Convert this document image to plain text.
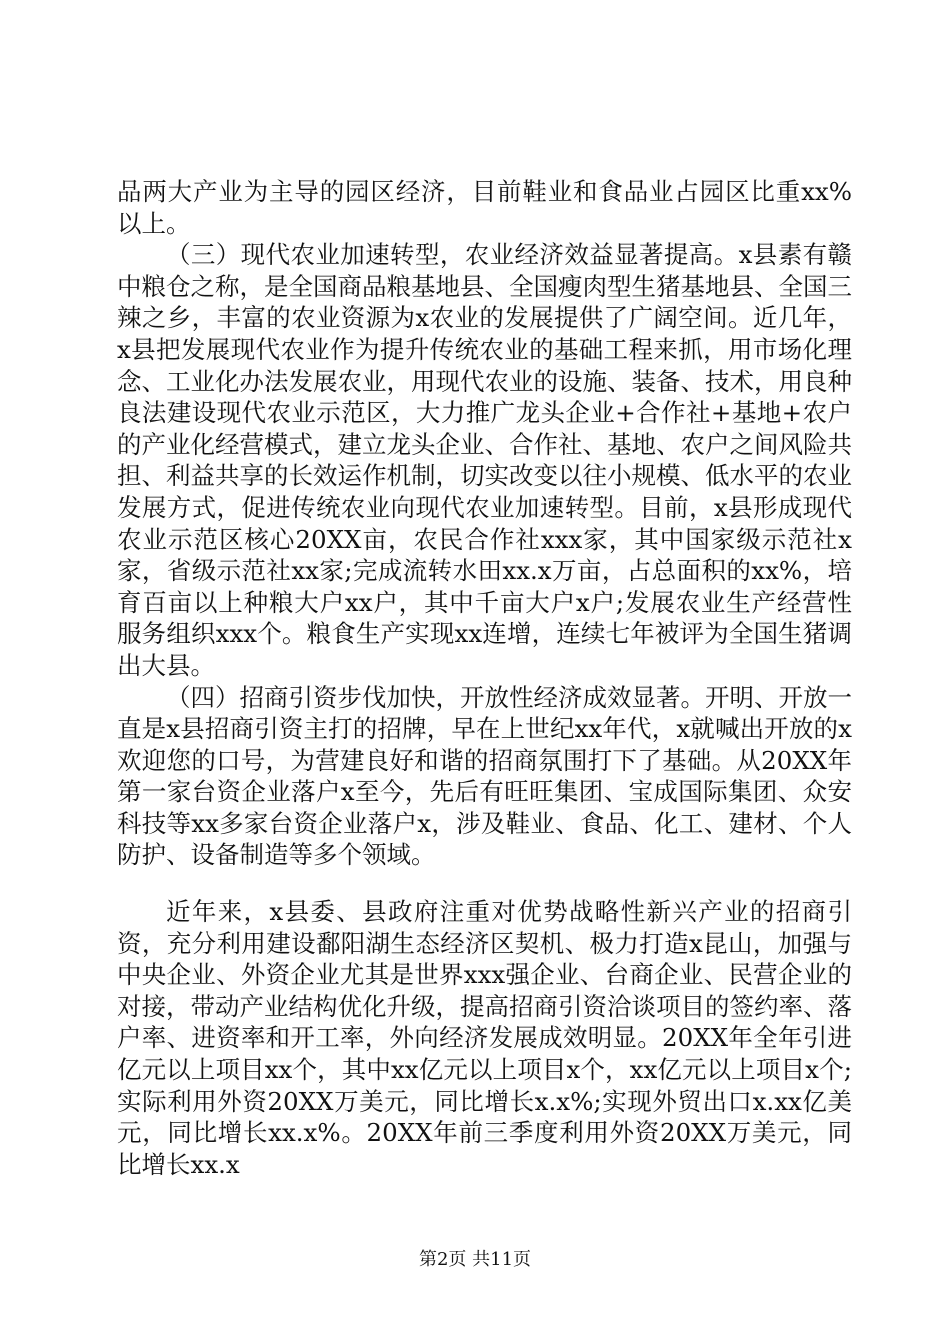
品两大产业为主导的园区经济，目前鞋业和食品业占园区比重xx%以上。

（三）现代农业加速转型，农业经济效益显著提高。x县素有赣中粮仓之称，是全国商品粮基地县、全国瘦肉型生猪基地县、全国三辣之乡，丰富的农业资源为x农业的发展提供了广阔空间。近几年，x县把发展现代农业作为提升传统农业的基础工程来抓，用市场化理念、工业化办法发展农业，用现代农业的设施、装备、技术，用良种良法建设现代农业示范区，大力推广龙头企业+合作社+基地+农户的产业化经营模式，建立龙头企业、合作社、基地、农户之间风险共担、利益共享的长效运作机制，切实改变以往小规模、低水平的农业发展方式，促进传统农业向现代农业加速转型。目前，x县形成现代农业示范区核心20XX亩，农民合作社xxx家，其中国家级示范社x家，省级示范社xx家;完成流转水田xx.x万亩，占总面积的xx%，培育百亩以上种粮大户xx户，其中千亩大户x户;发展农业生产经营性服务组织xxx个。粮食生产实现xx连增，连续七年被评为全国生猪调出大县。

（四）招商引资步伐加快，开放性经济成效显著。开明、开放一直是x县招商引资主打的招牌，早在上世纪xx年代，x就喊出开放的x欢迎您的口号，为营建良好和谐的招商氛围打下了基础。从20XX年第一家台资企业落户x至今，先后有旺旺集团、宝成国际集团、众安科技等xx多家台资企业落户x，涉及鞋业、食品、化工、建材、个人防护、设备制造等多个领域。

近年来，x县委、县政府注重对优势战略性新兴产业的招商引资，充分利用建设鄱阳湖生态经济区契机、极力打造x昆山，加强与中央企业、外资企业尤其是世界xxx强企业、台商企业、民营企业的对接，带动产业结构优化升级，提高招商引资洽谈项目的签约率、落户率、进资率和开工率，外向经济发展成效明显。20XX年全年引进亿元以上项目xx个，其中xx亿元以上项目x个，xx亿元以上项目x个;实际利用外资20XX万美元，同比增长x.x%;实现外贸出口x.xx亿美元，同比增长xx.x%。20XX年前三季度利用外资20XX万美元，同比增长xx.x

第2页 共11页
